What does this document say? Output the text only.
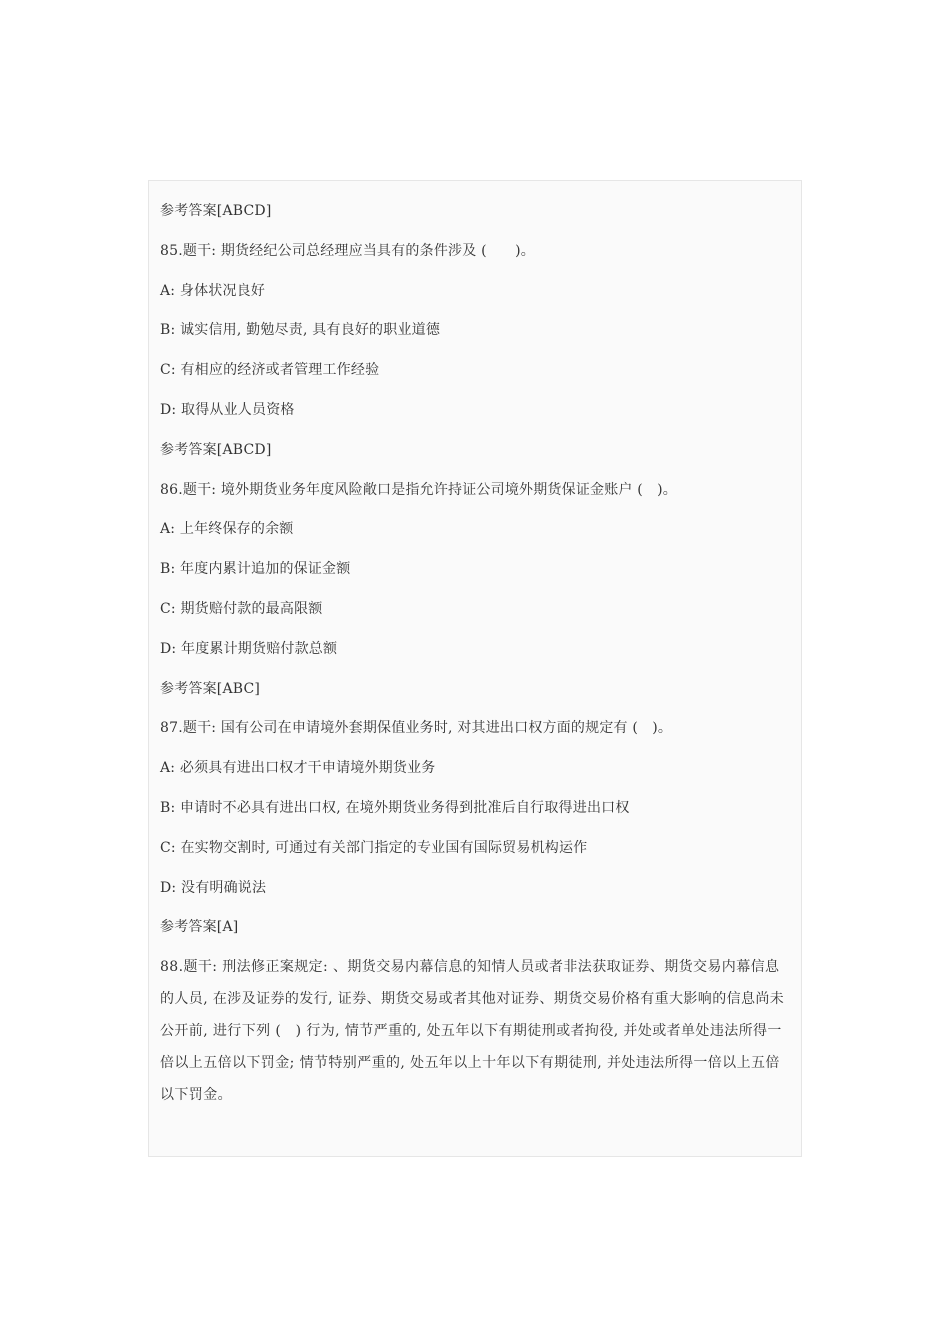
参考答案[ABCD]
85.题干: 期货经纪公司总经理应当具有的条件涉及 (　　)。
A: 身体状况良好
B: 诚实信用, 勤勉尽责, 具有良好的职业道德
C: 有相应的经济或者管理工作经验
D: 取得从业人员资格
参考答案[ABCD]
86.题干: 境外期货业务年度风险敞口是指允许持证公司境外期货保证金账户 (　)。
A: 上年终保存的余额
B: 年度内累计追加的保证金额
C: 期货赔付款的最高限额
D: 年度累计期货赔付款总额
参考答案[ABC]
87.题干: 国有公司在申请境外套期保值业务时, 对其进出口权方面的规定有 (　)。
A: 必须具有进出口权才干申请境外期货业务
B: 申请时不必具有进出口权, 在境外期货业务得到批准后自行取得进出口权
C: 在实物交割时, 可通过有关部门指定的专业国有国际贸易机构运作
D: 没有明确说法
参考答案[A]
88.题干: 刑法修正案规定: 、期货交易内幕信息的知情人员或者非法获取证券、期货交易内幕信息的人员, 在涉及证券的发行, 证券、期货交易或者其他对证券、期货交易价格有重大影响的信息尚未公开前, 进行下列 (　) 行为, 情节严重的, 处五年以下有期徒刑或者拘役, 并处或者单处违法所得一倍以上五倍以下罚金; 情节特别严重的, 处五年以上十年以下有期徒刑, 并处违法所得一倍以上五倍以下罚金。
